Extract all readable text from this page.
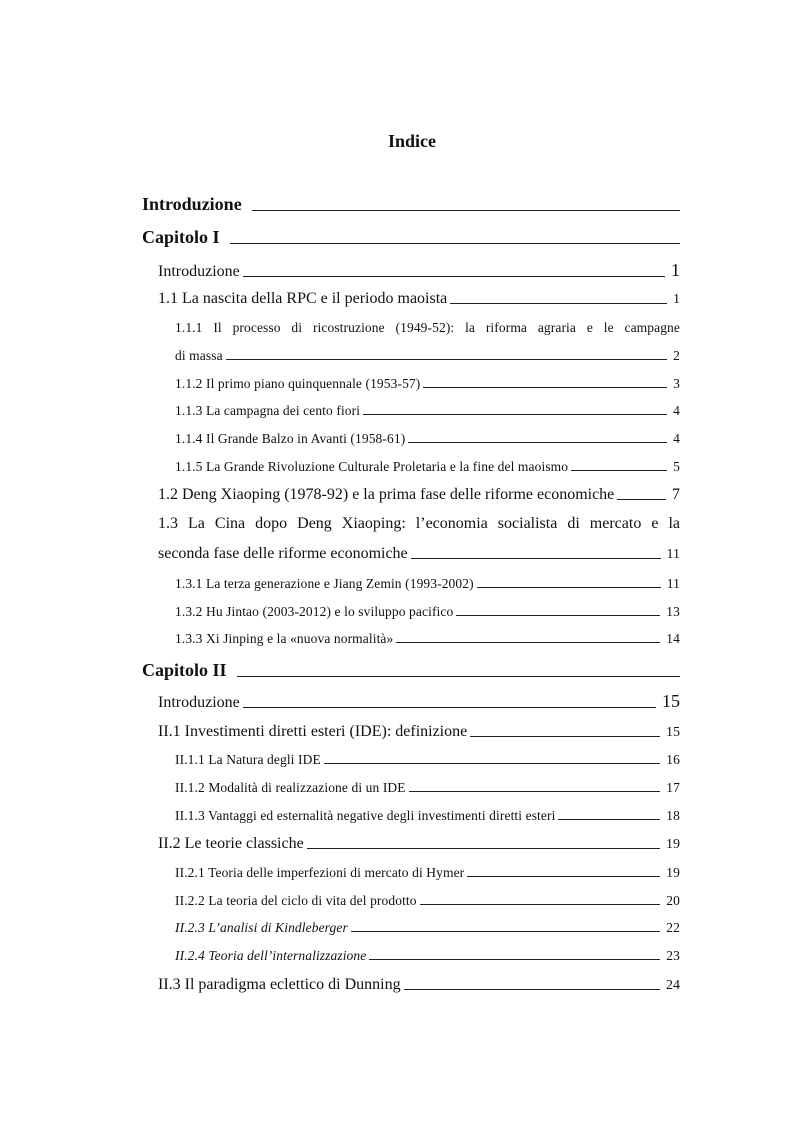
Indice
Introduzione
Capitolo I
Introduzione	1
1.1 La nascita della RPC e il periodo maoista	1
1.1.1 Il processo di ricostruzione (1949-52): la riforma agraria e le campagne
di massa	2
1.1.2 Il primo piano quinquennale (1953-57)	3
1.1.3 La campagna dei cento fiori	4
1.1.4 Il Grande Balzo in Avanti (1958-61)	4
1.1.5 La Grande Rivoluzione Culturale Proletaria e la fine del maoismo	5
1.2 Deng Xiaoping (1978-92) e la prima fase delle riforme economiche	7
1.3 La Cina dopo Deng Xiaoping: l’economia socialista di mercato e la
seconda fase delle riforme economiche	11
1.3.1 La terza generazione e Jiang Zemin (1993-2002)	11
1.3.2 Hu Jintao (2003-2012) e lo sviluppo pacifico	13
1.3.3 Xi Jinping e la «nuova normalità»	14
Capitolo II
Introduzione	15
II.1 Investimenti diretti esteri (IDE): definizione	15
II.1.1 La Natura degli IDE	16
II.1.2 Modalità di realizzazione di un IDE	17
II.1.3 Vantaggi ed esternalità negative degli investimenti diretti esteri	18
II.2 Le teorie classiche	19
II.2.1 Teoria delle imperfezioni di mercato di Hymer	19
II.2.2 La teoria del ciclo di vita del prodotto	20
II.2.3 L’analisi di Kindleberger	22
II.2.4 Teoria dell’internalizzazione	23
II.3 Il paradigma eclettico di Dunning	24
